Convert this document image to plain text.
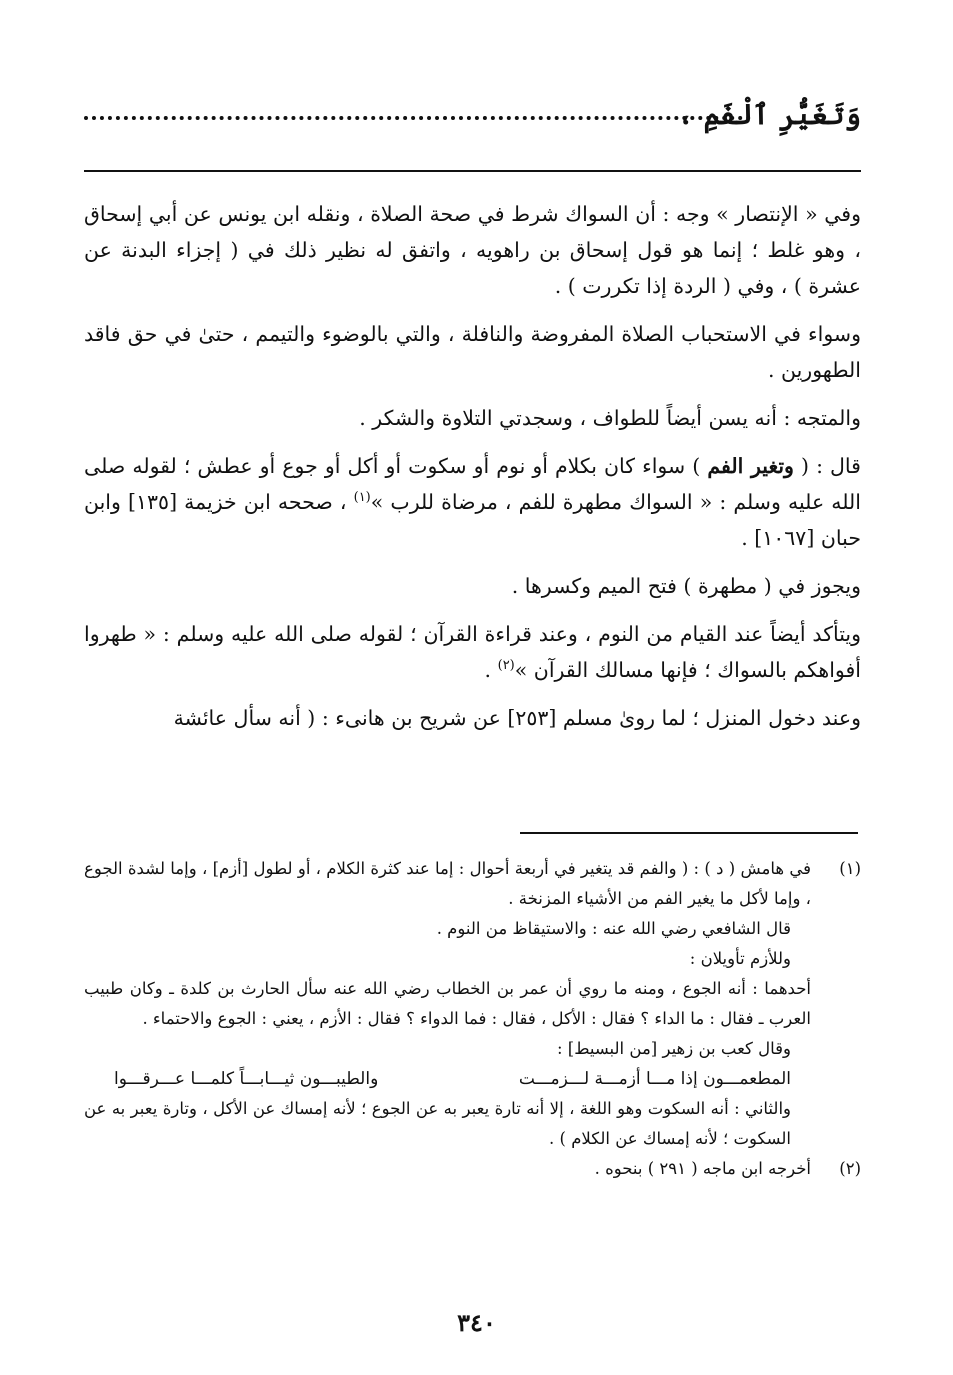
وَتَغَيُّرِ ٱلْفَمِ ،

وفي « الإنتصار » وجه : أن السواك شرط في صحة الصلاة ، ونقله ابن يونس عن أبي إسحاق ، وهو غلط ؛ إنما هو قول إسحاق بن راهويه ، واتفق له نظير ذلك في ( إجزاء البدنة عن عشرة ) ، وفي ( الردة إذا تكررت ) .

وسواء في الاستحباب الصلاة المفروضة والنافلة ، والتي بالوضوء والتيمم ، حتىٰ في حق فاقد الطهورين .

والمتجه : أنه يسن أيضاً للطواف ، وسجدتي التلاوة والشكر .

قال : ( وتغير الفم ) سواء كان بكلام أو نوم أو سكوت أو أكل أو جوع أو عطش ؛ لقوله صلى الله عليه وسلم : « السواك مطهرة للفم ، مرضاة للرب »$^{(١)}$ ، صححه ابن خزيمة [١٣٥] وابن حبان [١٠٦٧] .

ويجوز في ( مطهرة ) فتح الميم وكسرها .

ويتأكد أيضاً عند القيام من النوم ، وعند قراءة القرآن ؛ لقوله صلى الله عليه وسلم : « طهروا أفواهكم بالسواك ؛ فإنها مسالك القرآن »$^{(٢)}$ .

وعند دخول المنزل ؛ لما روىٰ مسلم [٢٥٣] عن شريح بن هانىء : ( أنه سأل عائشة

(١)

في هامش ( د ) : ( والفم قد يتغير في أربعة أحوال : إما عند كثرة الكلام ، أو لطول [أزم] ، وإما لشدة الجوع ، وإما لأكل ما يغير الفم من الأشياء المزنخة .

قال الشافعي رضي الله عنه : والاستيقاظ من النوم .

وللأزم تأويلان :

أحدهما : أنه الجوع ، ومنه ما روي أن عمر بن الخطاب رضي الله عنه سأل الحارث بن كلدة ـ وكان طبيب العرب ـ فقال : ما الداء ؟ فقال : الأكل ، فقال : فما الدواء ؟ فقال : الأزم ، يعني : الجوع والاحتماء .

وقال كعب بن زهير [من البسيط] :

المطعمـــون إذا مـــا أزمـــة لـــزمـــت
والطيبـــون ثيـــابـــاً كلمـــا عـــرقـــوا

والثاني : أنه السكوت وهو اللغة ، إلا أنه تارة يعبر به عن الجوع ؛ لأنه إمساك عن الأكل ، وتارة يعبر به عن السكوت ؛ لأنه إمساك عن الكلام ) .

(٢)

أخرجه ابن ماجه ( ٢٩١ ) بنحوه .

٣٤٠
